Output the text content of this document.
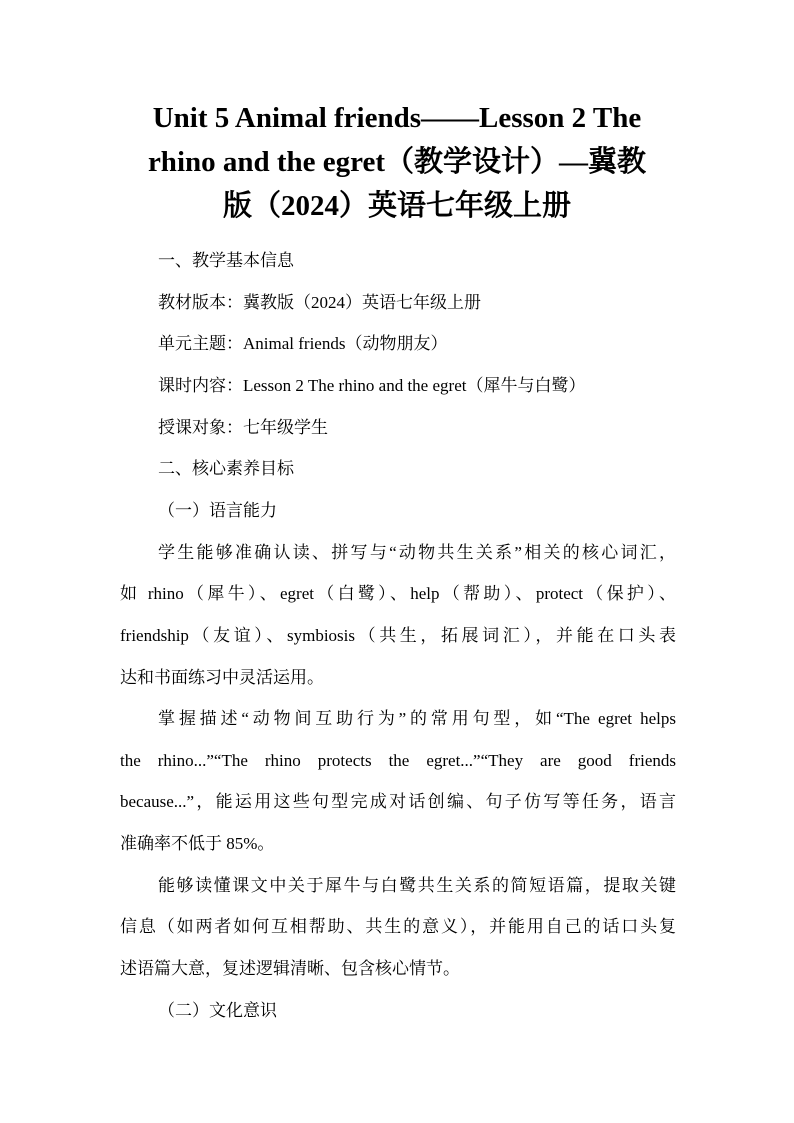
Unit 5 Animal friends——Lesson 2 The
rhino and the egret（教学设计）—冀教
版（2024）英语七年级上册

一、教学基本信息

教材版本：冀教版（2024）英语七年级上册

单元主题：Animal friends（动物朋友）

课时内容：Lesson 2 The rhino and the egret（犀牛与白鹭）

授课对象：七年级学生

二、核心素养目标

（一）语言能力

学生能够准确认读、拼写与“动物共生关系”相关的核心词汇，

如 rhino（犀牛）、egret（白鹭）、help（帮助）、protect（保护）、

friendship（友谊）、symbiosis（共生，拓展词汇），并能在口头表

达和书面练习中灵活运用。

掌握描述“动物间互助行为”的常用句型，如“The egret helps

the rhino...”“The rhino protects the egret...”“They are good friends

because...”，能运用这些句型完成对话创编、句子仿写等任务，语言

准确率不低于 85%。

能够读懂课文中关于犀牛与白鹭共生关系的简短语篇，提取关键

信息（如两者如何互相帮助、共生的意义），并能用自己的话口头复

述语篇大意，复述逻辑清晰、包含核心情节。

（二）文化意识
